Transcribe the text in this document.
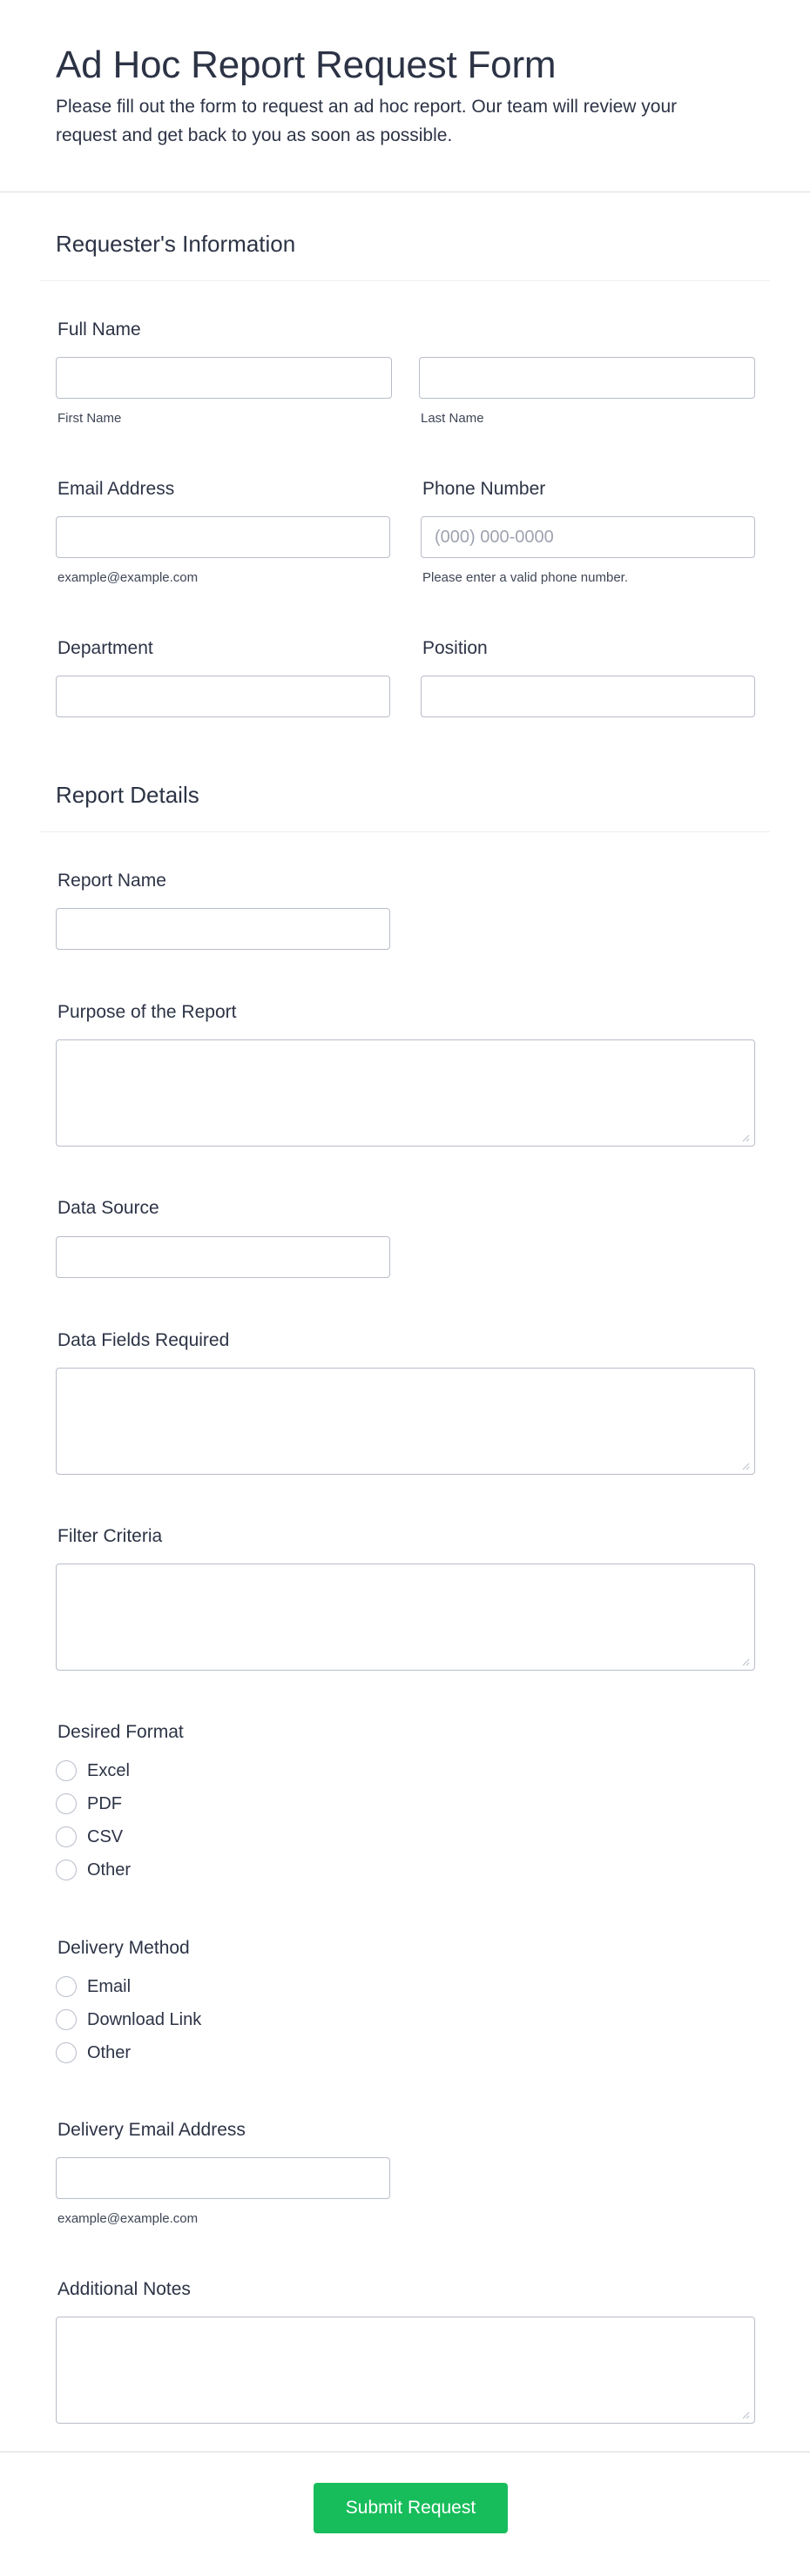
Ad Hoc Report Request Form

Please fill out the form to request an ad hoc report. Our team will review your request and get back to you as soon as possible.

Requester's Information
Full Name
First Name	Last Name
Email Address
example@example.com
Phone Number
(000) 000-0000
Please enter a valid phone number.
Department	Position
Report Details
Report Name
Purpose of the Report
Data Source
Data Fields Required
Filter Criteria
Desired Format
Excel
PDF
CSV
Other
Delivery Method
Email
Download Link
Other
Delivery Email Address
example@example.com
Additional Notes
Submit Request
